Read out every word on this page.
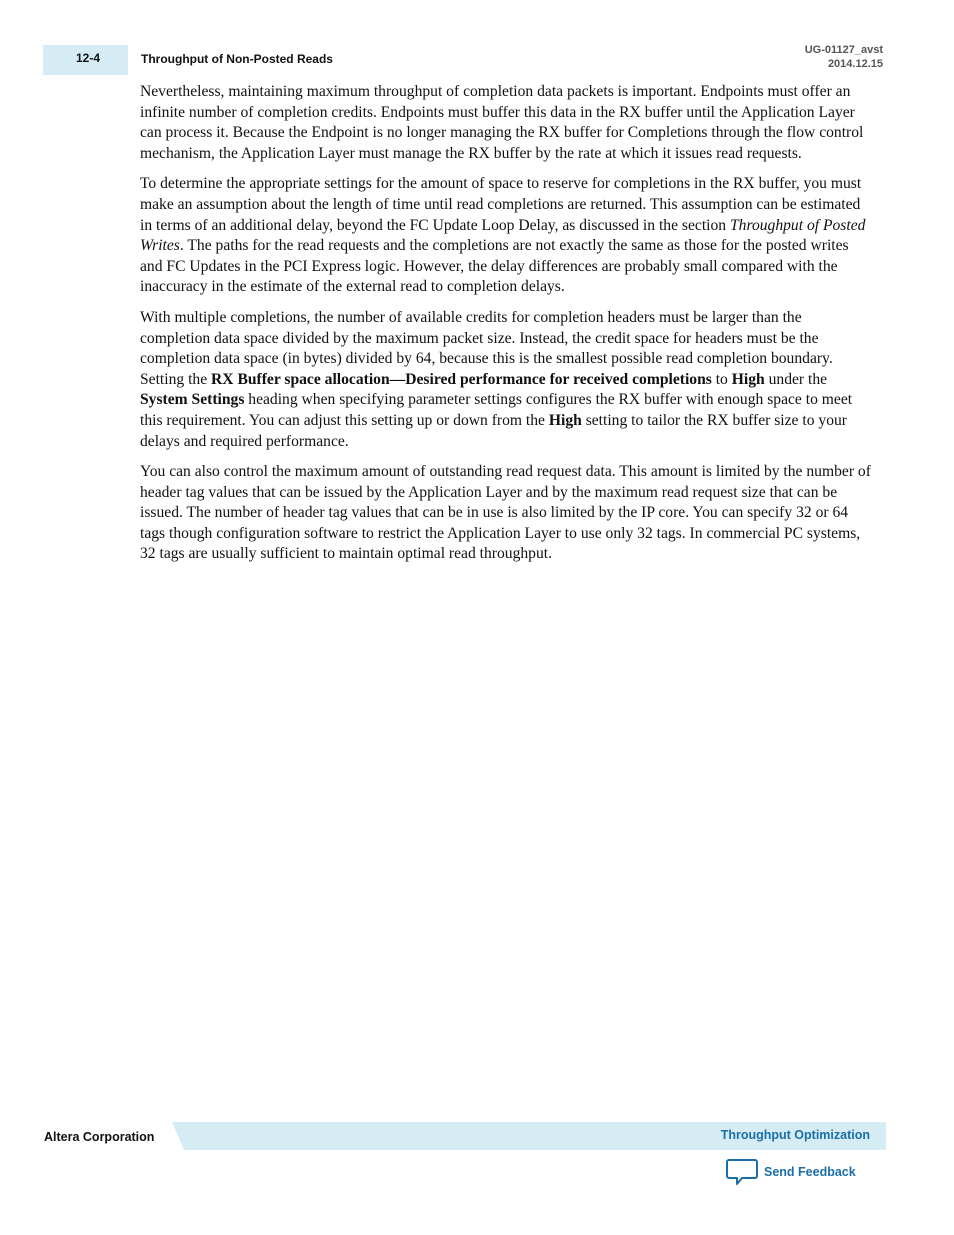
12-4	Throughput of Non-Posted Reads
UG-01127_avst
2014.12.15

Nevertheless, maintaining maximum throughput of completion data packets is important. Endpoints must offer an infinite number of completion credits. Endpoints must buffer this data in the RX buffer until the Application Layer can process it. Because the Endpoint is no longer managing the RX buffer for Completions through the flow control mechanism, the Application Layer must manage the RX buffer by the rate at which it issues read requests.

To determine the appropriate settings for the amount of space to reserve for completions in the RX buffer, you must make an assumption about the length of time until read completions are returned. This assumption can be estimated in terms of an additional delay, beyond the FC Update Loop Delay, as discussed in the section Throughput of Posted Writes. The paths for the read requests and the completions are not exactly the same as those for the posted writes and FC Updates in the PCI Express logic. However, the delay differences are probably small compared with the inaccuracy in the estimate of the external read to completion delays.

With multiple completions, the number of available credits for completion headers must be larger than the completion data space divided by the maximum packet size. Instead, the credit space for headers must be the completion data space (in bytes) divided by 64, because this is the smallest possible read completion boundary. Setting the RX Buffer space allocation—Desired performance for received completions to High under the System Settings heading when specifying parameter settings configures the RX buffer with enough space to meet this requirement. You can adjust this setting up or down from the High setting to tailor the RX buffer size to your delays and required performance.

You can also control the maximum amount of outstanding read request data. This amount is limited by the number of header tag values that can be issued by the Application Layer and by the maximum read request size that can be issued. The number of header tag values that can be in use is also limited by the IP core. You can specify 32 or 64 tags though configuration software to restrict the Application Layer to use only 32 tags. In commercial PC systems, 32 tags are usually sufficient to maintain optimal read throughput.

Altera Corporation	Throughput Optimization
Send Feedback
